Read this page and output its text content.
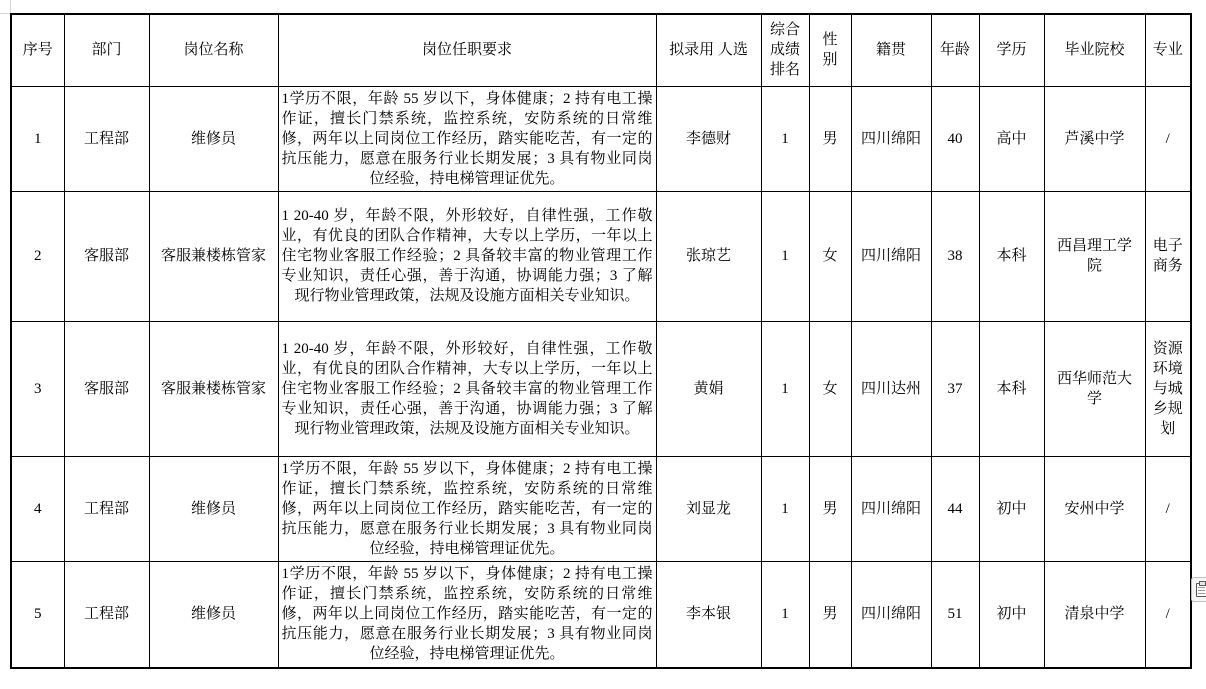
序号	部门	岗位名称	岗位任职要求	拟录用 人选	综合成绩排名	性别	籍贯	年龄	学历	毕业院校	专业
1	工程部	维修员	1学历不限，年龄 55 岁以下，身体健康；2 持有电工操作证，擅长门禁系统，监控系统，安防系统的日常维修，两年以上同岗位工作经历，踏实能吃苦，有一定的抗压能力，愿意在服务行业长期发展；3 具有物业同岗位经验，持电梯管理证优先。	李德财	1	男	四川绵阳	40	高中	芦溪中学	/
2	客服部	客服兼楼栋管家	1 20-40 岁，年龄不限，外形较好，自律性强，工作敬业，有优良的团队合作精神，大专以上学历，一年以上住宅物业客服工作经验；2 具备较丰富的物业管理工作专业知识，责任心强，善于沟通，协调能力强；3 了解现行物业管理政策，法规及设施方面相关专业知识。	张琼艺	1	女	四川绵阳	38	本科	西昌理工学院	电子商务
3	客服部	客服兼楼栋管家	1 20-40 岁，年龄不限，外形较好，自律性强，工作敬业，有优良的团队合作精神，大专以上学历，一年以上住宅物业客服工作经验；2 具备较丰富的物业管理工作专业知识，责任心强，善于沟通，协调能力强；3 了解现行物业管理政策，法规及设施方面相关专业知识。	黄娟	1	女	四川达州	37	本科	西华师范大学	资源环境与城乡规划
4	工程部	维修员	1学历不限，年龄 55 岁以下，身体健康；2 持有电工操作证，擅长门禁系统，监控系统，安防系统的日常维修，两年以上同岗位工作经历，踏实能吃苦，有一定的抗压能力，愿意在服务行业长期发展；3 具有物业同岗位经验，持电梯管理证优先。	刘显龙	1	男	四川绵阳	44	初中	安州中学	/
5	工程部	维修员	1学历不限，年龄 55 岁以下，身体健康；2 持有电工操作证，擅长门禁系统，监控系统，安防系统的日常维修，两年以上同岗位工作经历，踏实能吃苦，有一定的抗压能力，愿意在服务行业长期发展；3 具有物业同岗位经验，持电梯管理证优先。	李本银	1	男	四川绵阳	51	初中	清泉中学	/
